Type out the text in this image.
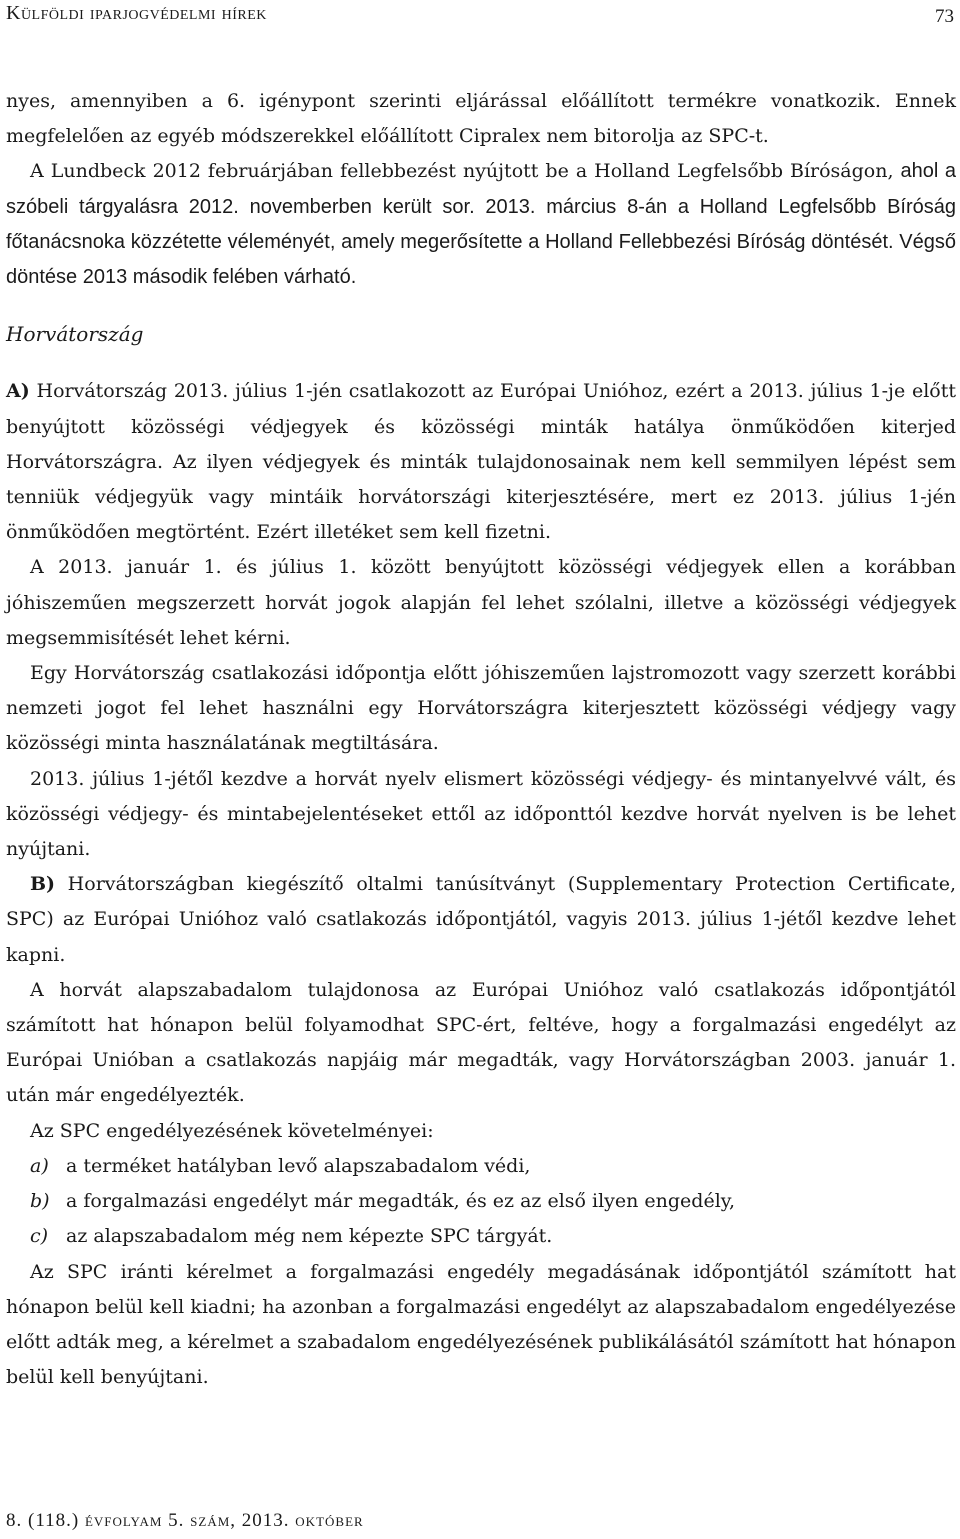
Külföldi iparjogvédelmi hírek	73

nyes, amennyiben a 6. igénypont szerinti eljárással előállított termékre vonatkozik. Ennek megfelelően az egyéb módszerekkel előállított Cipralex nem bitorolja az SPC-t.

A Lundbeck 2012 februárjában fellebbezést nyújtott be a Holland Legfelsőbb Bíróságon, ahol a szóbeli tárgyalásra 2012. novemberben került sor. 2013. március 8-án a Holland Legfelsőbb Bíróság főtanácsnoka közzétette véleményét, amely megerősítette a Holland Fellebbezési Bíróság döntését. Végső döntése 2013 második felében várható.

Horvátország

A) Horvátország 2013. július 1-jén csatlakozott az Európai Unióhoz, ezért a 2013. július 1-je előtt benyújtott közösségi védjegyek és közösségi minták hatálya önműködően kiterjed Horvátországra. Az ilyen védjegyek és minták tulajdonosainak nem kell semmilyen lépést sem tenniük védjegyük vagy mintáik horvátországi kiterjesztésére, mert ez 2013. július 1-jén önműködően megtörtént. Ezért illetéket sem kell fizetni.

A 2013. január 1. és július 1. között benyújtott közösségi védjegyek ellen a korábban jóhiszeműen megszerzett horvát jogok alapján fel lehet szólalni, illetve a közösségi védjegyek megsemmisítését lehet kérni.

Egy Horvátország csatlakozási időpontja előtt jóhiszeműen lajstromozott vagy szerzett korábbi nemzeti jogot fel lehet használni egy Horvátországra kiterjesztett közösségi védjegy vagy közösségi minta használatának megtiltására.

2013. július 1-jétől kezdve a horvát nyelv elismert közösségi védjegy- és mintanyelvvé vált, és közösségi védjegy- és mintabejelentéseket ettől az időponttól kezdve horvát nyelven is be lehet nyújtani.

B) Horvátországban kiegészítő oltalmi tanúsítványt (Supplementary Protection Certificate, SPC) az Európai Unióhoz való csatlakozás időpontjától, vagyis 2013. július 1-jétől kezdve lehet kapni.

A horvát alapszabadalom tulajdonosa az Európai Unióhoz való csatlakozás időpontjától számított hat hónapon belül folyamodhat SPC-ért, feltéve, hogy a forgalmazási engedélyt az Európai Unióban a csatlakozás napjáig már megadták, vagy Horvátországban 2003. január 1. után már engedélyezték.

Az SPC engedélyezésének követelményei:

a) a terméket hatályban levő alapszabadalom védi,

b) a forgalmazási engedélyt már megadták, és ez az első ilyen engedély,

c) az alapszabadalom még nem képezte SPC tárgyát.

Az SPC iránti kérelmet a forgalmazási engedély megadásának időpontjától számított hat hónapon belül kell kiadni; ha azonban a forgalmazási engedélyt az alapszabadalom engedélyezése előtt adták meg, a kérelmet a szabadalom engedélyezésének publikálásától számított hat hónapon belül kell benyújtani.

8. (118.) évfolyam 5. szám, 2013. október
